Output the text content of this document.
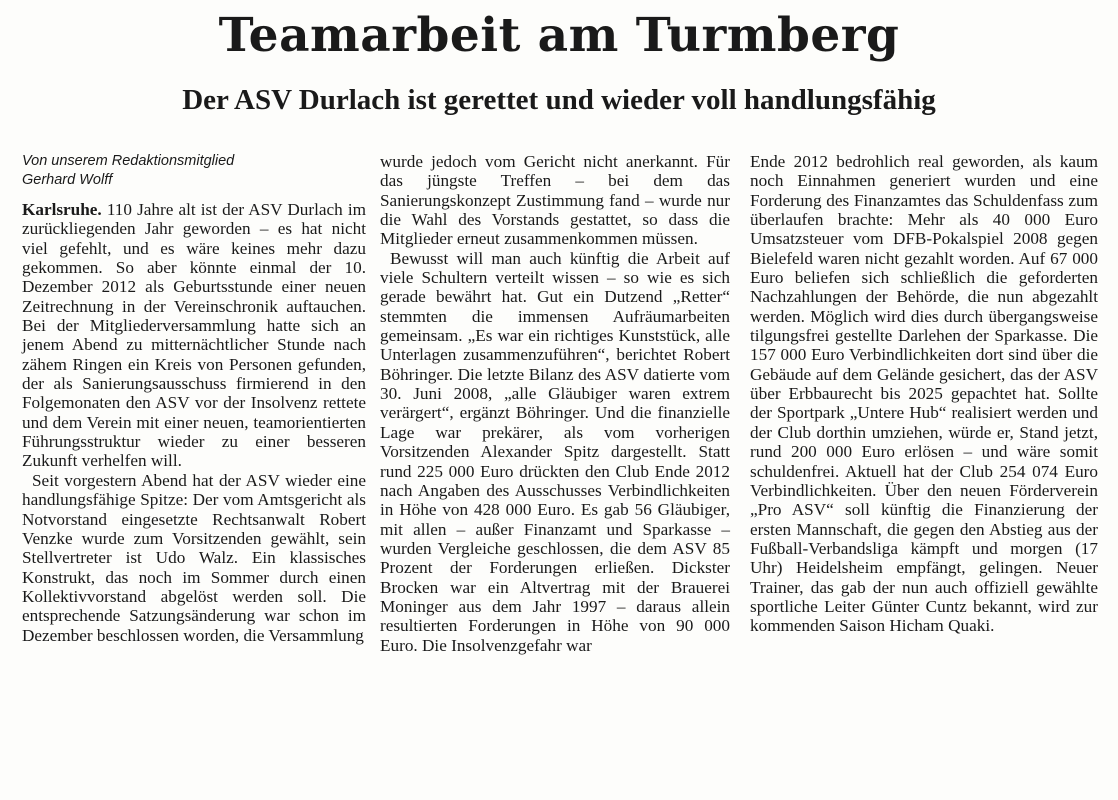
Teamarbeit am Turmberg
Der ASV Durlach ist gerettet und wieder voll handlungsfähig
Von unserem Redaktionsmitglied
Gerhard Wolff

Karlsruhe. 110 Jahre alt ist der ASV Durlach im zurückliegenden Jahr geworden – es hat nicht viel gefehlt, und es wäre keines mehr dazu gekommen. So aber könnte einmal der 10. Dezember 2012 als Geburtsstunde einer neuen Zeitrechnung in der Vereinschronik auftauchen. Bei der Mitgliederversammlung hatte sich an jenem Abend zu mitternächtlicher Stunde nach zähem Ringen ein Kreis von Personen gefunden, der als Sanierungsausschuss firmierend in den Folgemonaten den ASV vor der Insolvenz rettete und dem Verein mit einer neuen, teamorientierten Führungsstruktur wieder zu einer besseren Zukunft verhelfen will.

Seit vorgestern Abend hat der ASV wieder eine handlungsfähige Spitze: Der vom Amtsgericht als Notvorstand eingesetzte Rechtsanwalt Robert Venzke wurde zum Vorsitzenden gewählt, sein Stellvertreter ist Udo Walz. Ein klassisches Konstrukt, das noch im Sommer durch einen Kollektivvorstand abgelöst werden soll. Die entsprechende Satzungsänderung war schon im Dezember beschlossen worden, die Versammlung

wurde jedoch vom Gericht nicht anerkannt. Für das jüngste Treffen – bei dem das Sanierungskonzept Zustimmung fand – wurde nur die Wahl des Vorstands gestattet, so dass die Mitglieder erneut zusammenkommen müssen.

Bewusst will man auch künftig die Arbeit auf viele Schultern verteilt wissen – so wie es sich gerade bewährt hat. Gut ein Dutzend „Retter“ stemmten die immensen Aufräumarbeiten gemeinsam. „Es war ein richtiges Kunststück, alle Unterlagen zusammenzuführen“, berichtet Robert Böhringer. Die letzte Bilanz des ASV datierte vom 30. Juni 2008, „alle Gläubiger waren extrem verärgert“, ergänzt Böhringer. Und die finanzielle Lage war prekärer, als vom vorherigen Vorsitzenden Alexander Spitz dargestellt. Statt rund 225 000 Euro drückten den Club Ende 2012 nach Angaben des Ausschusses Verbindlichkeiten in Höhe von 428 000 Euro. Es gab 56 Gläubiger, mit allen – außer Finanzamt und Sparkasse – wurden Vergleiche geschlossen, die dem ASV 85 Prozent der Forderungen erließen. Dickster Brocken war ein Altvertrag mit der Brauerei Moninger aus dem Jahr 1997 – daraus allein resultierten Forderungen in Höhe von 90 000 Euro. Die Insolvenzgefahr war

Ende 2012 bedrohlich real geworden, als kaum noch Einnahmen generiert wurden und eine Forderung des Finanzamtes das Schuldenfass zum überlaufen brachte: Mehr als 40 000 Euro Umsatzsteuer vom DFB-Pokalspiel 2008 gegen Bielefeld waren nicht gezahlt worden. Auf 67 000 Euro beliefen sich schließlich die geforderten Nachzahlungen der Behörde, die nun abgezahlt werden. Möglich wird dies durch übergangsweise tilgungsfrei gestellte Darlehen der Sparkasse. Die 157 000 Euro Verbindlichkeiten dort sind über die Gebäude auf dem Gelände gesichert, das der ASV über Erbbaurecht bis 2025 gepachtet hat. Sollte der Sportpark „Untere Hub“ realisiert werden und der Club dorthin umziehen, würde er, Stand jetzt, rund 200 000 Euro erlösen – und wäre somit schuldenfrei. Aktuell hat der Club 254 074 Euro Verbindlichkeiten. Über den neuen Förderverein „Pro ASV“ soll künftig die Finanzierung der ersten Mannschaft, die gegen den Abstieg aus der Fußball-Verbandsliga kämpft und morgen (17 Uhr) Heidelsheim empfängt, gelingen. Neuer Trainer, das gab der nun auch offiziell gewählte sportliche Leiter Günter Cuntz bekannt, wird zur kommenden Saison Hicham Quaki.
